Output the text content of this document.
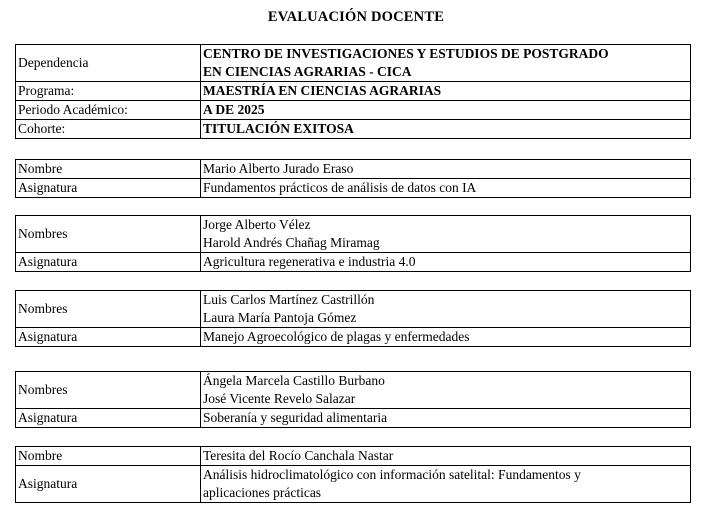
EVALUACIÓN DOCENTE
Dependencia	CENTRO DE INVESTIGACIONES Y ESTUDIOS DE POSTGRADO
EN CIENCIAS AGRARIAS - CICA

Programa:	MAESTRÍA EN CIENCIAS AGRARIAS
Periodo Académico:	A DE 2025
Cohorte:	TITULACIÓN EXITOSA
Nombre	Mario Alberto Jurado Eraso

Asignatura	Fundamentos prácticos de análisis de datos con IA
Nombres	Jorge Alberto Vélez
Harold Andrés Chañag Miramag

Asignatura	Agricultura regenerativa e industria 4.0
Nombres	Luis Carlos Martínez Castrillón
Laura María Pantoja Gómez

Asignatura	Manejo Agroecológico de plagas y enfermedades
Nombres	Ángela Marcela Castillo Burbano
José Vicente Revelo Salazar

Asignatura	Soberanía y seguridad alimentaria
Nombre	Teresita del Rocío Canchala Nastar

Asignatura	Análisis hidroclimatológico con información satelital: Fundamentos y
aplicaciones prácticas
